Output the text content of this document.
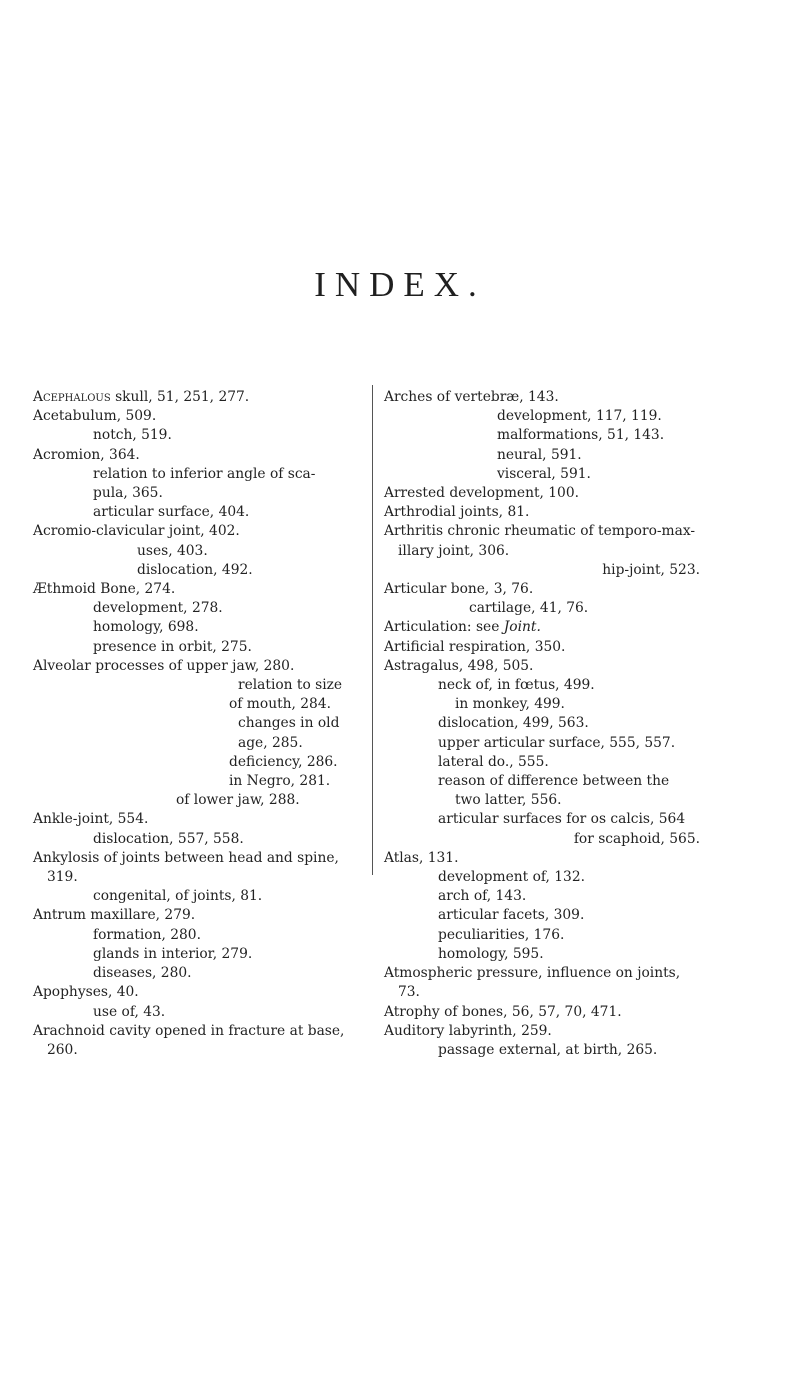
INDEX.
Acephalous skull, 51, 251, 277.
Acetabulum, 509.
notch, 519.
Acromion, 364.
relation to inferior angle of sca-
pula, 365.
articular surface, 404.
Acromio-clavicular joint, 402.
uses, 403.
dislocation, 492.
Æthmoid Bone, 274.
development, 278.
homology, 698.
presence in orbit, 275.
Alveolar processes of upper jaw, 280.
relation to size
of mouth, 284.
changes in old
age, 285.
deficiency, 286.
in Negro, 281.
of lower jaw, 288.
Ankle-joint, 554.
dislocation, 557, 558.
Ankylosis of joints between head and spine,
319.
congenital, of joints, 81.
Antrum maxillare, 279.
formation, 280.
glands in interior, 279.
diseases, 280.
Apophyses, 40.
use of, 43.
Arachnoid cavity opened in fracture at base,
260.
Arches of vertebræ, 143.
development, 117, 119.
malformations, 51, 143.
neural, 591.
visceral, 591.
Arrested development, 100.
Arthrodial joints, 81.
Arthritis chronic rheumatic of temporo-max-
illary joint, 306.
hip-joint, 523.
Articular bone, 3, 76.
cartilage, 41, 76.
Articulation: see Joint.
Artificial respiration, 350.
Astragalus, 498, 505.
neck of, in fœtus, 499.
in monkey, 499.
dislocation, 499, 563.
upper articular surface, 555, 557.
lateral do., 555.
reason of difference between the
two latter, 556.
articular surfaces for os calcis, 564
for scaphoid, 565.
Atlas, 131.
development of, 132.
arch of, 143.
articular facets, 309.
peculiarities, 176.
homology, 595.
Atmospheric pressure, influence on joints,
73.
Atrophy of bones, 56, 57, 70, 471.
Auditory labyrinth, 259.
passage external, at birth, 265.
